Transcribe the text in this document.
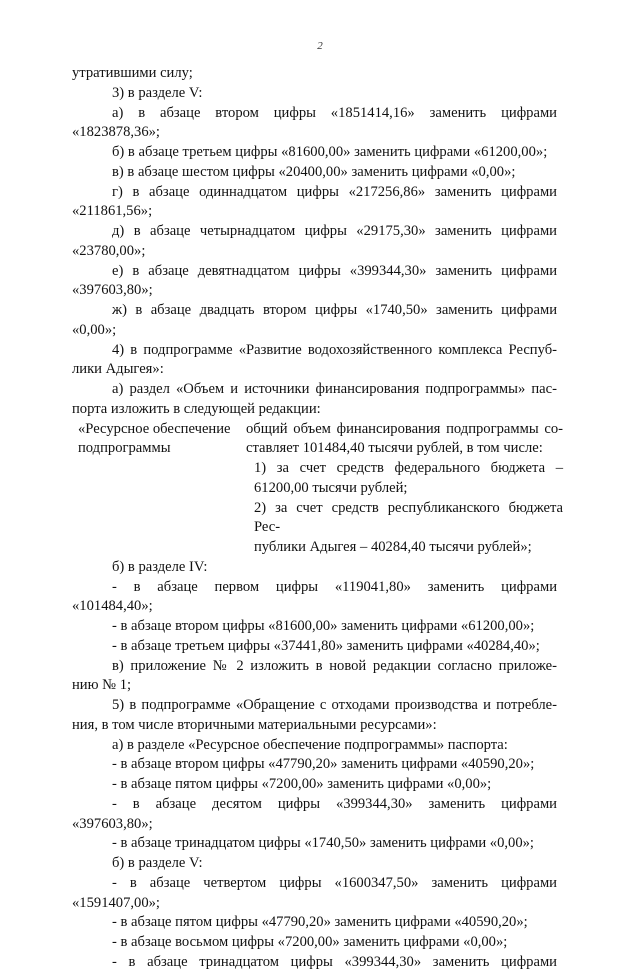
2

утратившими силу;

3) в разделе V:

а) в абзаце втором цифры «1851414,16» заменить цифрами

«1823878,36»;

б) в абзаце третьем цифры «81600,00» заменить цифрами «61200,00»;

в) в абзаце шестом цифры «20400,00» заменить цифрами «0,00»;

г) в абзаце одиннадцатом цифры «217256,86» заменить цифрами

«211861,56»;

д) в абзаце четырнадцатом цифры «29175,30» заменить цифрами

«23780,00»;

е) в абзаце девятнадцатом цифры «399344,30» заменить цифрами

«397603,80»;

ж) в абзаце двадцать втором цифры «1740,50» заменить цифрами

«0,00»;

4) в подпрограмме «Развитие водохозяйственного комплекса Респуб-

лики Адыгея»:

а) раздел «Объем и источники финансирования подпрограммы» пас-

порта изложить в следующей редакции:

«Ресурсное обеспечение подпрограммы

общий объем финансирования подпрограммы со-

ставляет 101484,40 тысячи рублей, в том числе:

1) за счет средств федерального бюджета –

61200,00 тысячи рублей;

2) за счет средств республиканского бюджета Рес-

публики Адыгея – 40284,40 тысячи рублей»;

б) в разделе IV:

- в абзаце первом цифры «119041,80» заменить цифрами

«101484,40»;

- в абзаце втором цифры «81600,00» заменить цифрами «61200,00»;

- в абзаце третьем цифры «37441,80» заменить цифрами «40284,40»;

в) приложение № 2 изложить в новой редакции согласно приложе-

нию № 1;

5) в подпрограмме «Обращение с отходами производства и потребле-

ния, в том числе вторичными материальными ресурсами»:

а) в разделе «Ресурсное обеспечение подпрограммы» паспорта:

- в абзаце втором цифры «47790,20» заменить цифрами «40590,20»;

- в абзаце пятом цифры «7200,00» заменить цифрами «0,00»;

- в абзаце десятом цифры «399344,30» заменить цифрами

«397603,80»;

- в абзаце тринадцатом цифры «1740,50» заменить цифрами «0,00»;

б) в разделе V:

- в абзаце четвертом цифры «1600347,50» заменить цифрами

«1591407,00»;

- в абзаце пятом цифры «47790,20» заменить цифрами «40590,20»;

- в абзаце восьмом цифры «7200,00» заменить цифрами «0,00»;

- в абзаце тринадцатом цифры «399344,30» заменить цифрами
